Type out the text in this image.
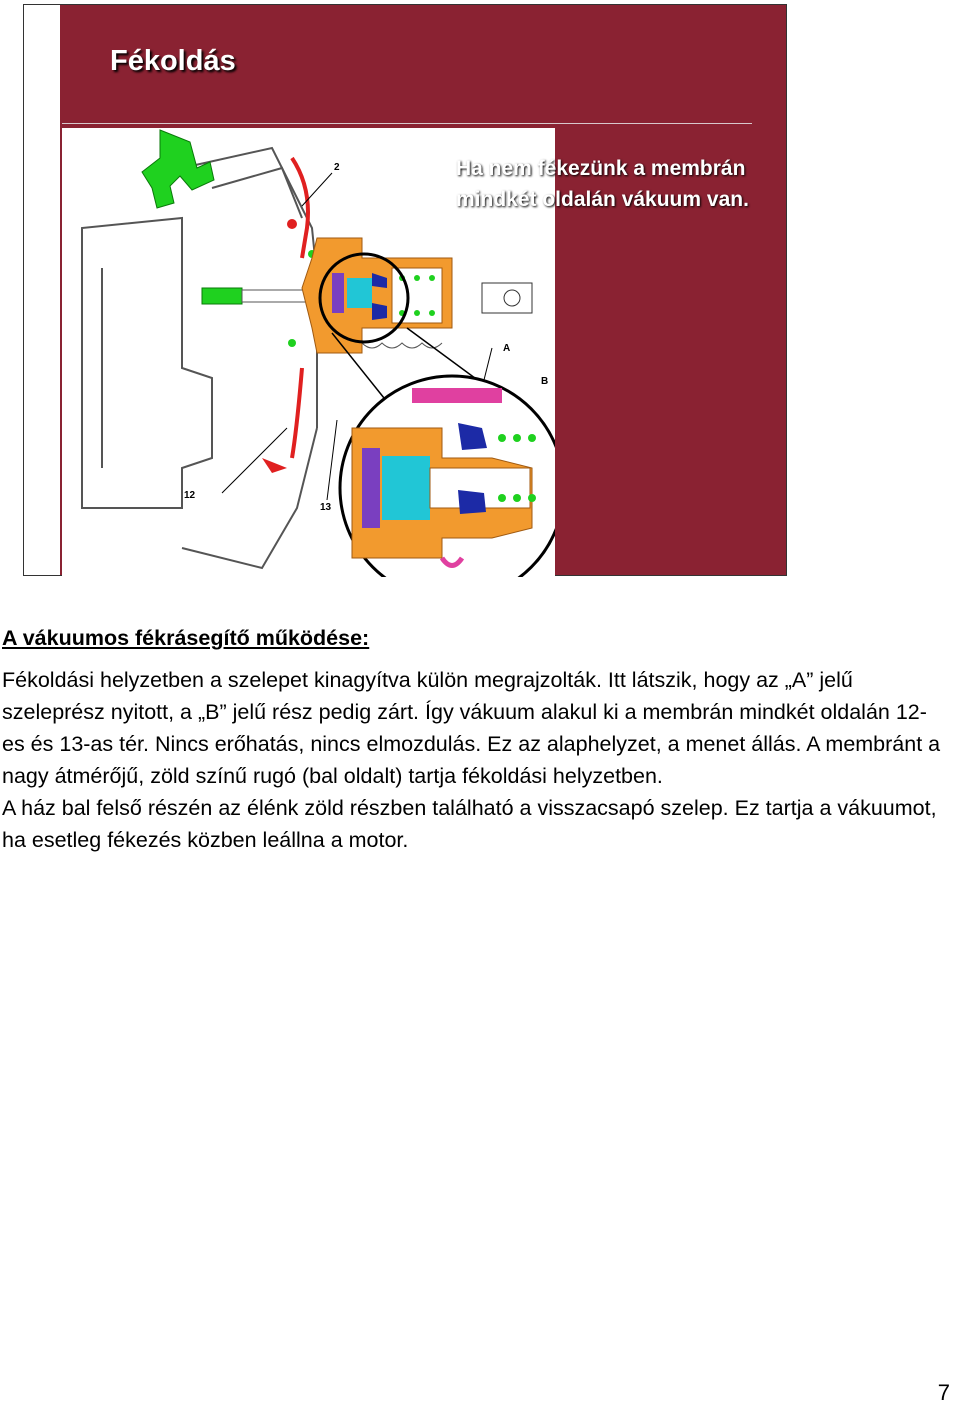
Fékoldás
2
A
B
12
13
Ha nem fékezünk a membrán mindkét oldalán vákuum van.
A vákuumos fékrásegítő működése:

Fékoldási helyzetben a szelepet kinagyítva külön megrajzolták. Itt látszik, hogy az „A” jelű szeleprész nyitott, a „B” jelű rész pedig zárt. Így vákuum alakul ki a membrán mindkét oldalán 12-es és 13-as tér. Nincs erőhatás, nincs elmozdulás. Ez az alaphelyzet, a menet állás. A membránt a nagy átmérőjű, zöld színű rugó (bal oldalt) tartja fékoldási helyzetben.

A ház bal felső részén az élénk zöld részben található a visszacsapó szelep. Ez tartja a vákuumot, ha esetleg fékezés közben leállna a motor.

7
